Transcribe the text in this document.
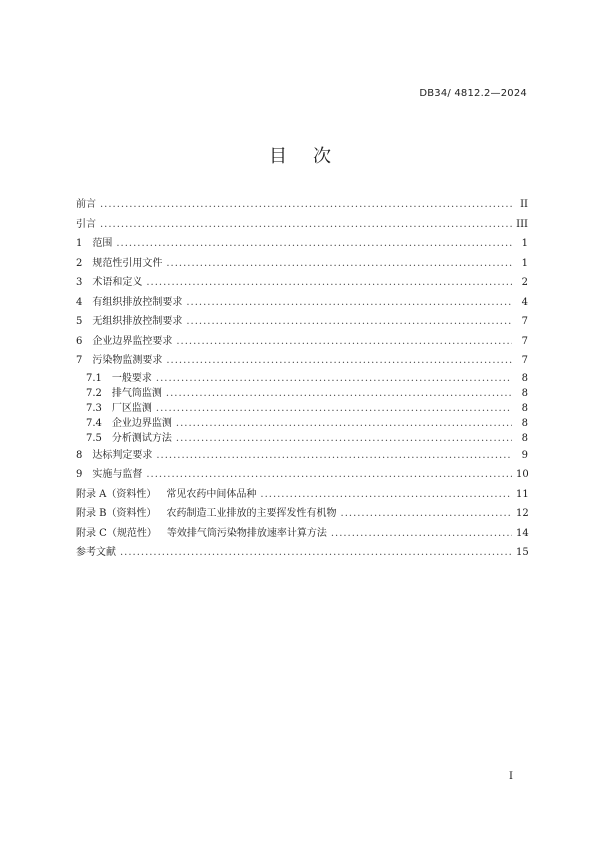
DB34/ 4812.2—2024
目次
前言 .....	II
引言 .....	III
1 范围 .....	1
2 规范性引用文件 .....	1
3 术语和定义 .....	2
4 有组织排放控制要求 .....	4
5 无组织排放控制要求 .....	7
6 企业边界监控要求 .....	7
7 污染物监测要求 .....	7
7.1 一般要求 .....	8
7.2 排气筒监测 .....	8
7.3 厂区监测 .....	8
7.4 企业边界监测 .....	8
7.5 分析测试方法 .....	8
8 达标判定要求 .....	9
9 实施与监督 .....	10
附录 A（资料性） 常见农药中间体品种 .....	11
附录 B（资料性） 农药制造工业排放的主要挥发性有机物 .....	12
附录 C（规范性） 等效排气筒污染物排放速率计算方法 .....	14
参考文献 .....	15
I
